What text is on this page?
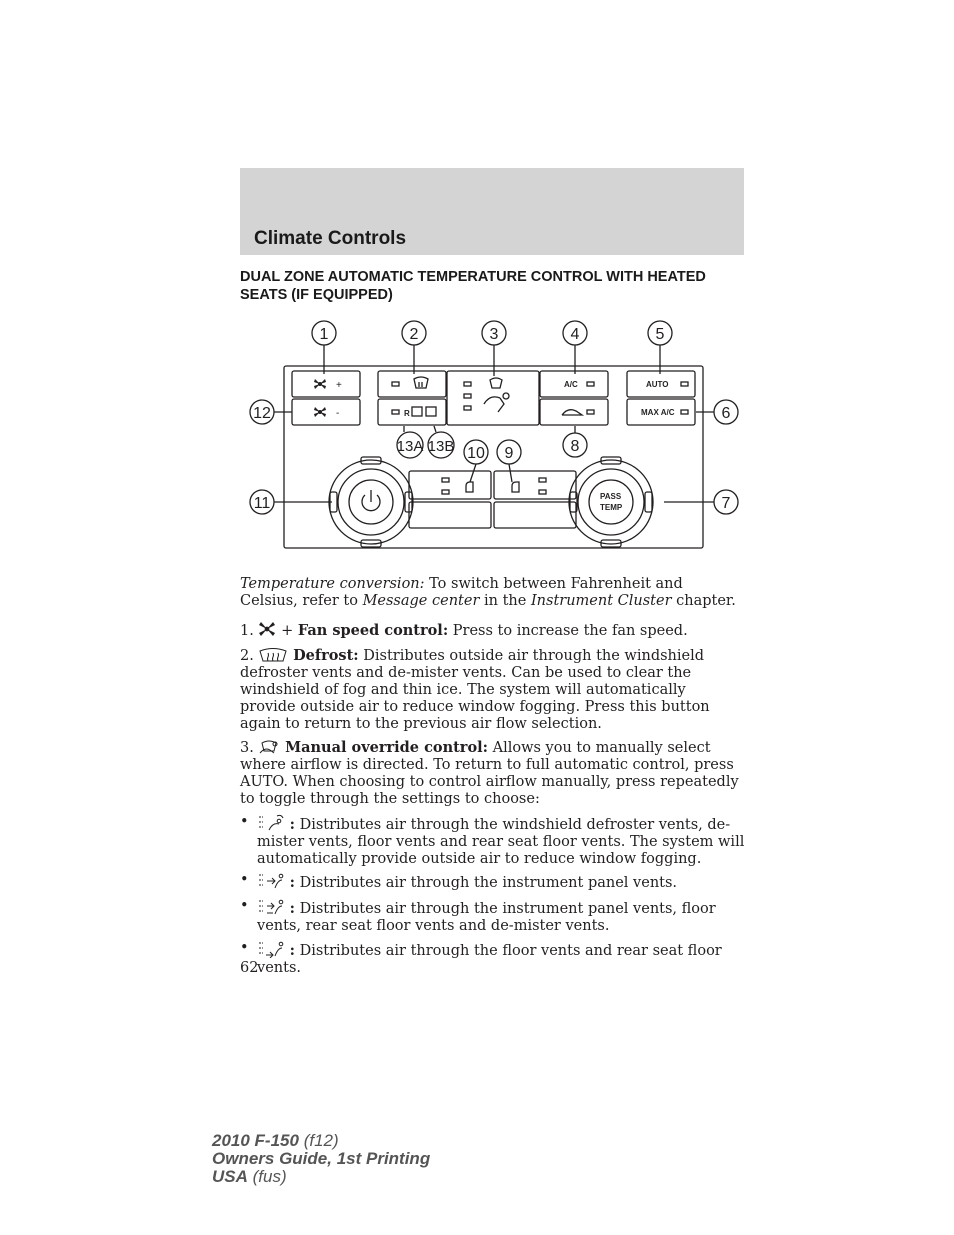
Climate Controls
DUAL ZONE AUTOMATIC TEMPERATURE CONTROL WITH HEATED SEATS (IF EQUIPPED)
+
-	R
A/C	AUTO
MAX A/C
PASS
TEMP
1	2	3	4	5
6
7
8
9
10
11
12
13A 13B
Temperature conversion: To switch between Fahrenheit and Celsius, refer to Message center in the Instrument Cluster chapter.
1. + Fan speed control: Press to increase the fan speed.
2.	Defrost: Distributes outside air through the windshield defroster vents and de-mister vents. Can be used to clear the windshield of fog and thin ice. The system will automatically provide outside air to reduce window fogging. Press this button again to return to the previous air flow selection.
3. Manual override control: Allows you to manually select where airflow is directed. To return to full automatic control, press AUTO. When choosing to control airflow manually, press repeatedly to toggle through the settings to choose:
•	: Distributes air through the windshield defroster vents, de-mister vents, floor vents and rear seat floor vents. The system will automatically provide outside air to reduce window fogging.
•	: Distributes air through the instrument panel vents.
•	: Distributes air through the instrument panel vents, floor vents, rear seat floor vents and de-mister vents.
•	: Distributes air through the floor vents and rear seat floor vents.
62
2010 F-150 (f12)
Owners Guide, 1st Printing
USA (fus)
